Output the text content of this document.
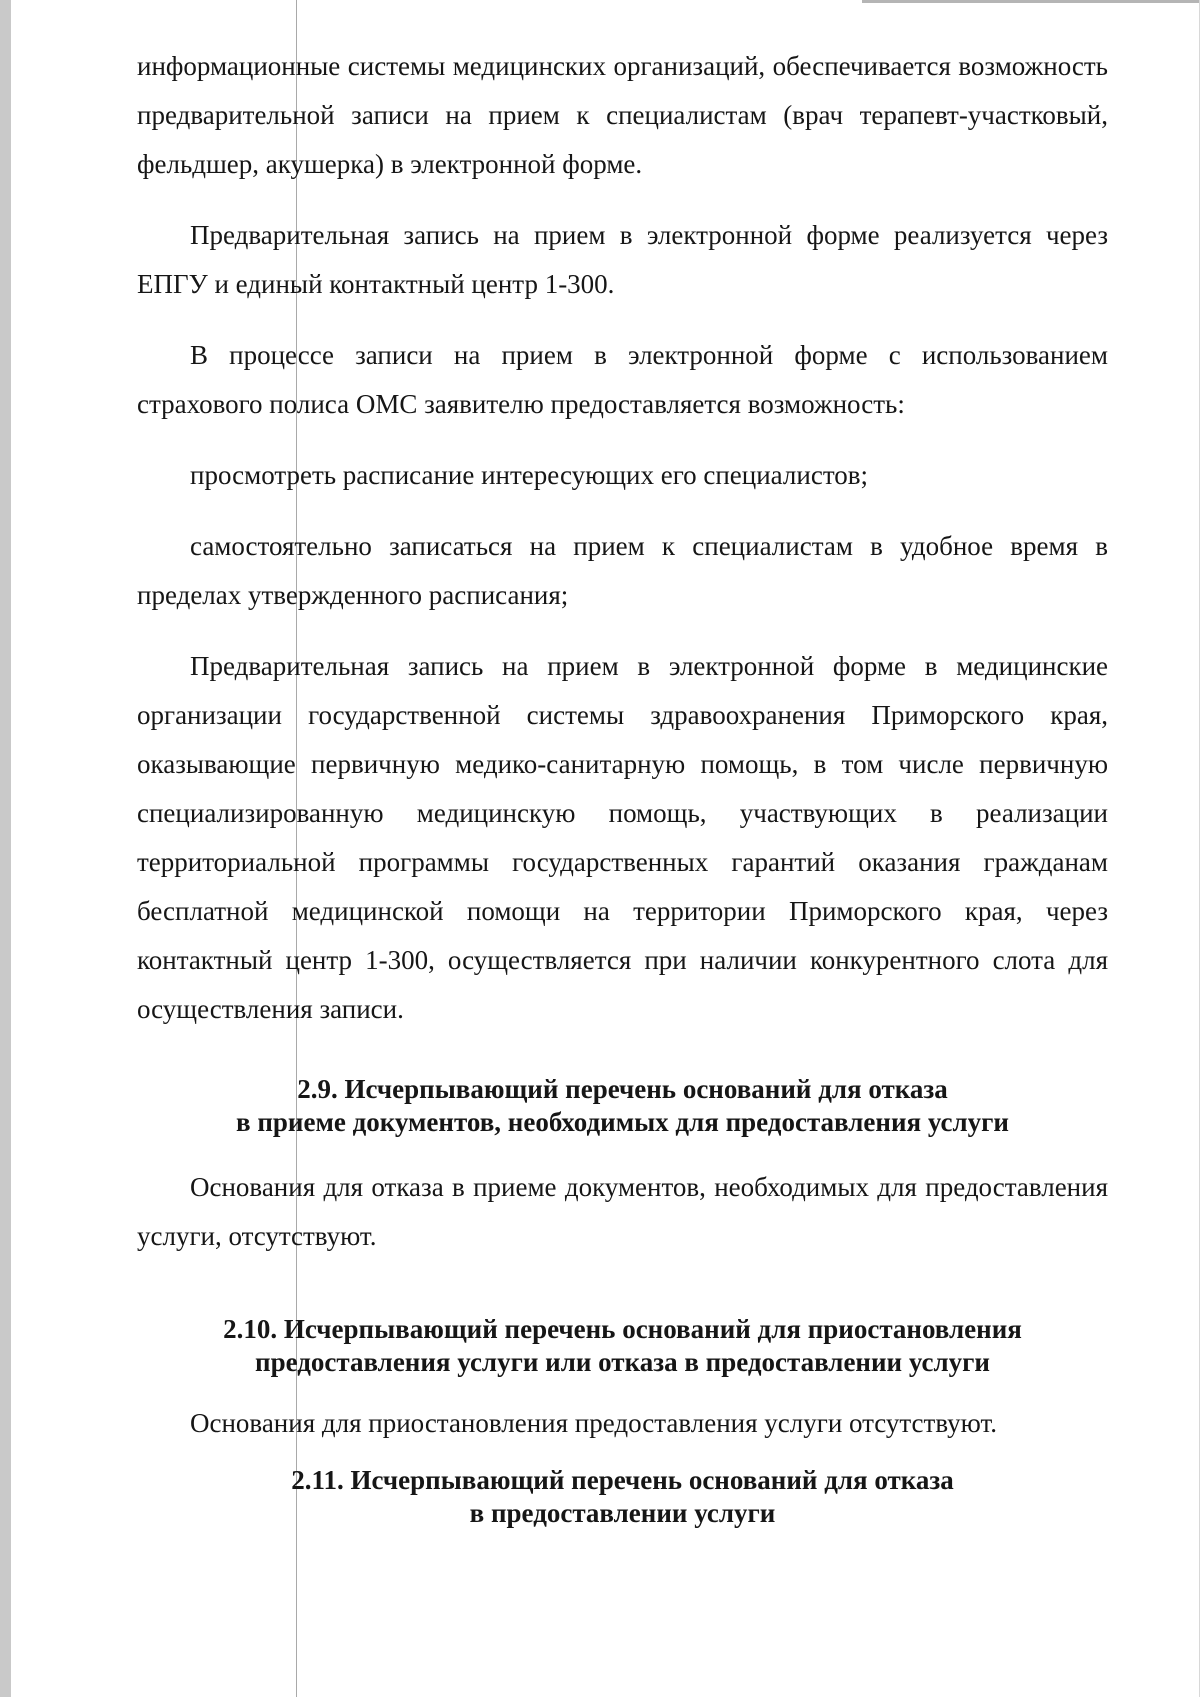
информационные системы медицинских организаций, обеспечивается возможность предварительной записи на прием к специалистам (врач терапевт-участковый, фельдшер, акушерка) в электронной форме.

Предварительная запись на прием в электронной форме реализуется через ЕПГУ и единый контактный центр 1-300.

В процессе записи на прием в электронной форме с использованием страхового полиса ОМС заявителю предоставляется возможность:

просмотреть расписание интересующих его специалистов;

самостоятельно записаться на прием к специалистам в удобное время в пределах утвержденного расписания;

Предварительная запись на прием в электронной форме в медицинские организации государственной системы здравоохранения Приморского края, оказывающие первичную медико-санитарную помощь, в том числе первичную специализированную медицинскую помощь, участвующих в реализации территориальной программы государственных гарантий оказания гражданам бесплатной медицинской помощи на территории Приморского края, через контактный центр 1-300, осуществляется при наличии конкурентного слота для осуществления записи.

2.9. Исчерпывающий перечень оснований для отказа
в приеме документов, необходимых для предоставления услуги

Основания для отказа в приеме документов, необходимых для предоставления услуги, отсутствуют.

2.10. Исчерпывающий перечень оснований для приостановления
предоставления услуги или отказа в предоставлении услуги

Основания для приостановления предоставления услуги отсутствуют.

2.11. Исчерпывающий перечень оснований для отказа
в предоставлении услуги
